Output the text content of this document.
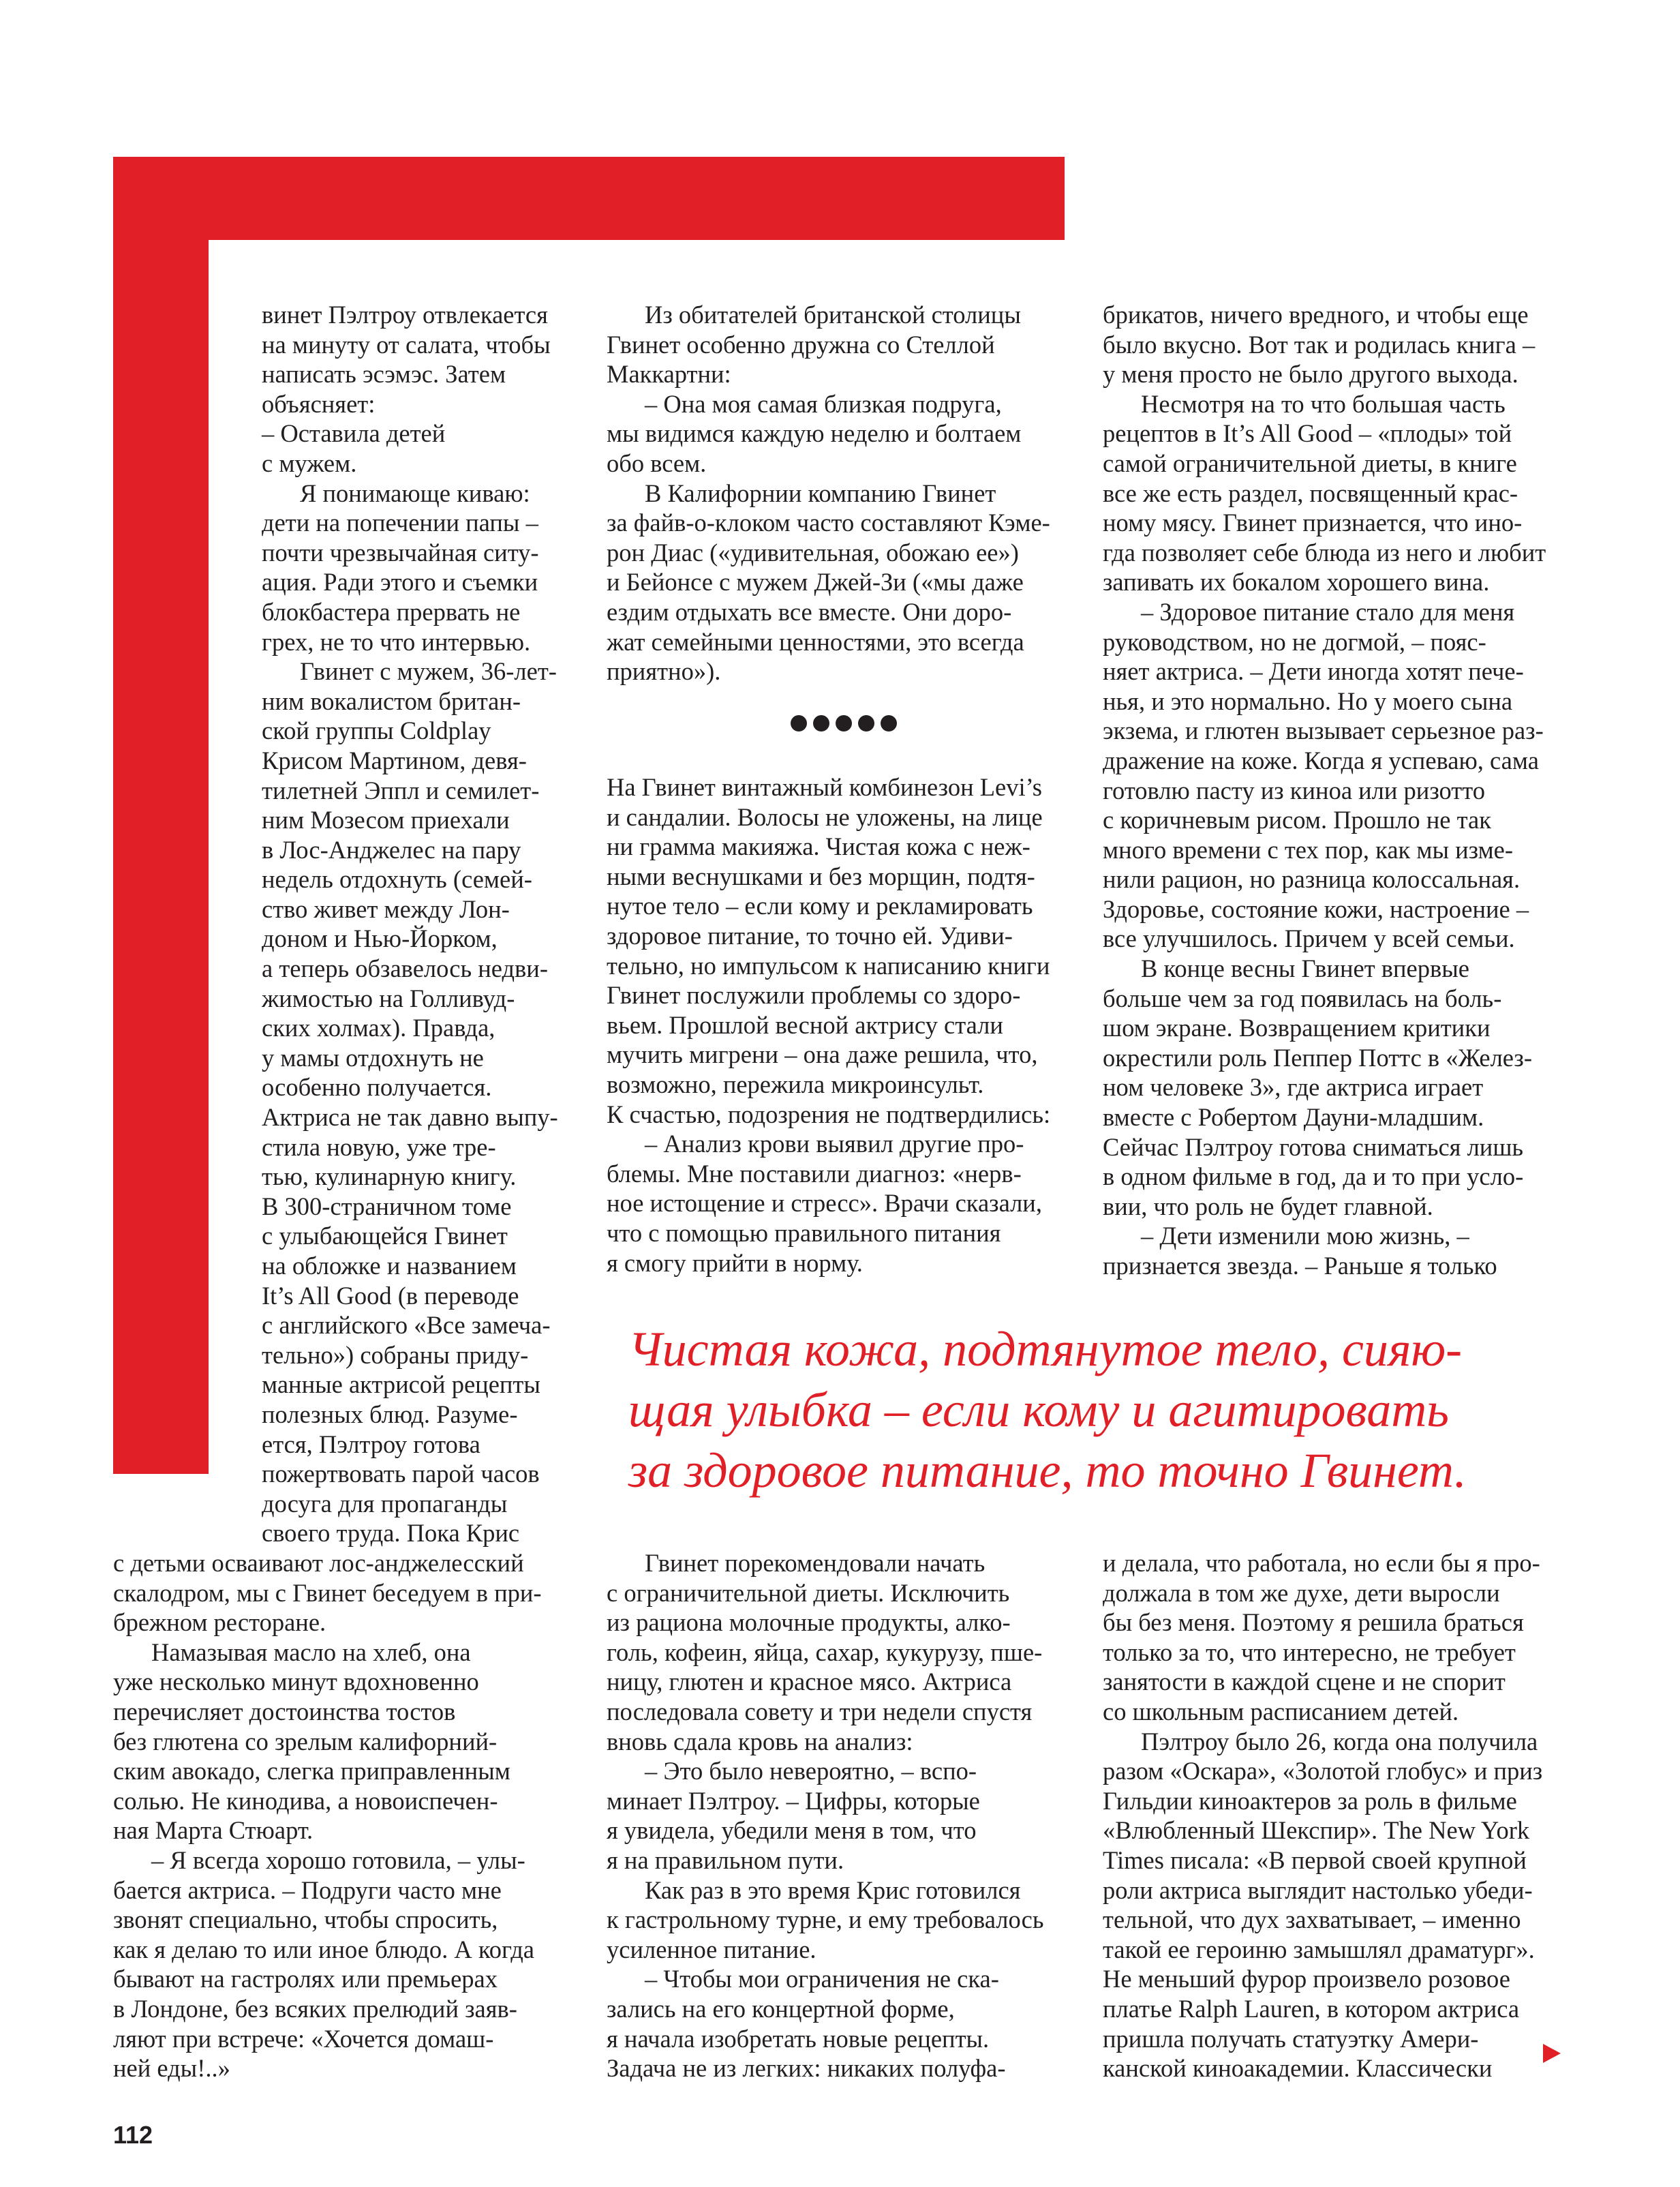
винет Пэлтроу отвлекается

на минуту от салата, чтобы

написать эсэмэс. Затем

объясняет:

– Оставила детей

с мужем.

Я понимающе киваю:

дети на попечении папы –

почти чрезвычайная ситу-

ация. Ради этого и съемки

блокбастера прервать не

грех, не то что интервью.

Гвинет с мужем, 36-лет-

ним вокалистом британ-

ской группы Coldplay

Крисом Мартином, девя-

тилетней Эппл и семилет-

ним Мозесом приехали

в Лос-Анджелес на пару

недель отдохнуть (семей-

ство живет между Лон-

доном и Нью-Йорком,

а теперь обзавелось недви-

жимостью на Голливуд-

ских холмах). Правда,

у мамы отдохнуть не

особенно получается.

Актриса не так давно выпу-

стила новую, уже тре-

тью, кулинарную книгу.

В 300-страничном томе

с улыбающейся Гвинет

на обложке и названием

It’s All Good (в переводе

с английского «Все замеча-

тельно») собраны приду-

манные актрисой рецепты

полезных блюд. Разуме-

ется, Пэлтроу готова

пожертвовать парой часов

досуга для пропаганды

своего труда. Пока Крис

с детьми осваивают лос-анджелесский

скалодром, мы с Гвинет беседуем в при-

брежном ресторане.

Намазывая масло на хлеб, она

уже несколько минут вдохновенно

перечисляет достоинства тостов

без глютена со зрелым калифорний-

ским авокадо, слегка приправленным

солью. Не кинодива, а новоиспечен-

ная Марта Стюарт.

– Я всегда хорошо готовила, – улы-

бается актриса. – Подруги часто мне

звонят специально, чтобы спросить,

как я делаю то или иное блюдо. А когда

бывают на гастролях или премьерах

в Лондоне, без всяких прелюдий заяв-

ляют при встрече: «Хочется домаш-

ней еды!..»

Из обитателей британской столицы

Гвинет особенно дружна со Стеллой

Маккартни:

– Она моя самая близкая подруга,

мы видимся каждую неделю и болтаем

обо всем.

В Калифорнии компанию Гвинет

за файв-о-клоком часто составляют Кэме-

рон Диас («удивительная, обожаю ее»)

и Бейонсе с мужем Джей-Зи («мы даже

ездим отдыхать все вместе. Они доро-

жат семейными ценностями, это всегда

приятно»).

На Гвинет винтажный комбинезон Levi’s

и сандалии. Волосы не уложены, на лице

ни грамма макияжа. Чистая кожа с неж-

ными веснушками и без морщин, подтя-

нутое тело – если кому и рекламировать

здоровое питание, то точно ей. Удиви-

тельно, но импульсом к написанию книги

Гвинет послужили проблемы со здоро-

вьем. Прошлой весной актрису стали

мучить мигрени – она даже решила, что,

возможно, пережила микроинсульт.

К счастью, подозрения не подтвердились:

– Анализ крови выявил другие про-

блемы. Мне поставили диагноз: «нерв-

ное истощение и стресс». Врачи сказали,

что с помощью правильного питания

я смогу прийти в норму.

Гвинет порекомендовали начать

с ограничительной диеты. Исключить

из рациона молочные продукты, алко-

голь, кофеин, яйца, сахар, кукурузу, пше-

ницу, глютен и красное мясо. Актриса

последовала совету и три недели спустя

вновь сдала кровь на анализ:

– Это было невероятно, – вспо-

минает Пэлтроу. – Цифры, которые

я увидела, убедили меня в том, что

я на правильном пути.

Как раз в это время Крис готовился

к гастрольному турне, и ему требовалось

усиленное питание.

– Чтобы мои ограничения не ска-

зались на его концертной форме,

я начала изобретать новые рецепты.

Задача не из легких: никаких полуфа-

брикатов, ничего вредного, и чтобы еще

было вкусно. Вот так и родилась книга –

у меня просто не было другого выхода.

Несмотря на то что большая часть

рецептов в It’s All Good – «плоды» той

самой ограничительной диеты, в книге

все же есть раздел, посвященный крас-

ному мясу. Гвинет признается, что ино-

гда позволяет себе блюда из него и любит

запивать их бокалом хорошего вина.

– Здоровое питание стало для меня

руководством, но не догмой, – пояс-

няет актриса. – Дети иногда хотят пече-

нья, и это нормально. Но у моего сына

экзема, и глютен вызывает серьезное раз-

дражение на коже. Когда я успеваю, сама

готовлю пасту из киноа или ризотто

с коричневым рисом. Прошло не так

много времени с тех пор, как мы изме-

нили рацион, но разница колоссальная.

Здоровье, состояние кожи, настроение –

все улучшилось. Причем у всей семьи.

В конце весны Гвинет впервые

больше чем за год появилась на боль-

шом экране. Возвращением критики

окрестили роль Пеппер Поттс в «Желез-

ном человеке 3», где актриса играет

вместе с Робертом Дауни-младшим.

Сейчас Пэлтроу готова сниматься лишь

в одном фильме в год, да и то при усло-

вии, что роль не будет главной.

– Дети изменили мою жизнь, –

признается звезда. – Раньше я только

и делала, что работала, но если бы я про-

должала в том же духе, дети выросли

бы без меня. Поэтому я решила браться

только за то, что интересно, не требует

занятости в каждой сцене и не спорит

со школьным расписанием детей.

Пэлтроу было 26, когда она получила

разом «Оскара», «Золотой глобус» и приз

Гильдии киноактеров за роль в фильме

«Влюбленный Шекспир». The New York

Times писала: «В первой своей крупной

роли актриса выглядит настолько убеди-

тельной, что дух захватывает, – именно

такой ее героиню замышлял драматург».

Не меньший фурор произвело розовое

платье Ralph Lauren, в котором актриса

пришла получать статуэтку Амери-

канской киноакадемии. Классически

Чистая кожа, подтянутое тело, сияю-
щая улыбка – если кому и агитировать
за здоровое питание, то точно Гвинет.

112
